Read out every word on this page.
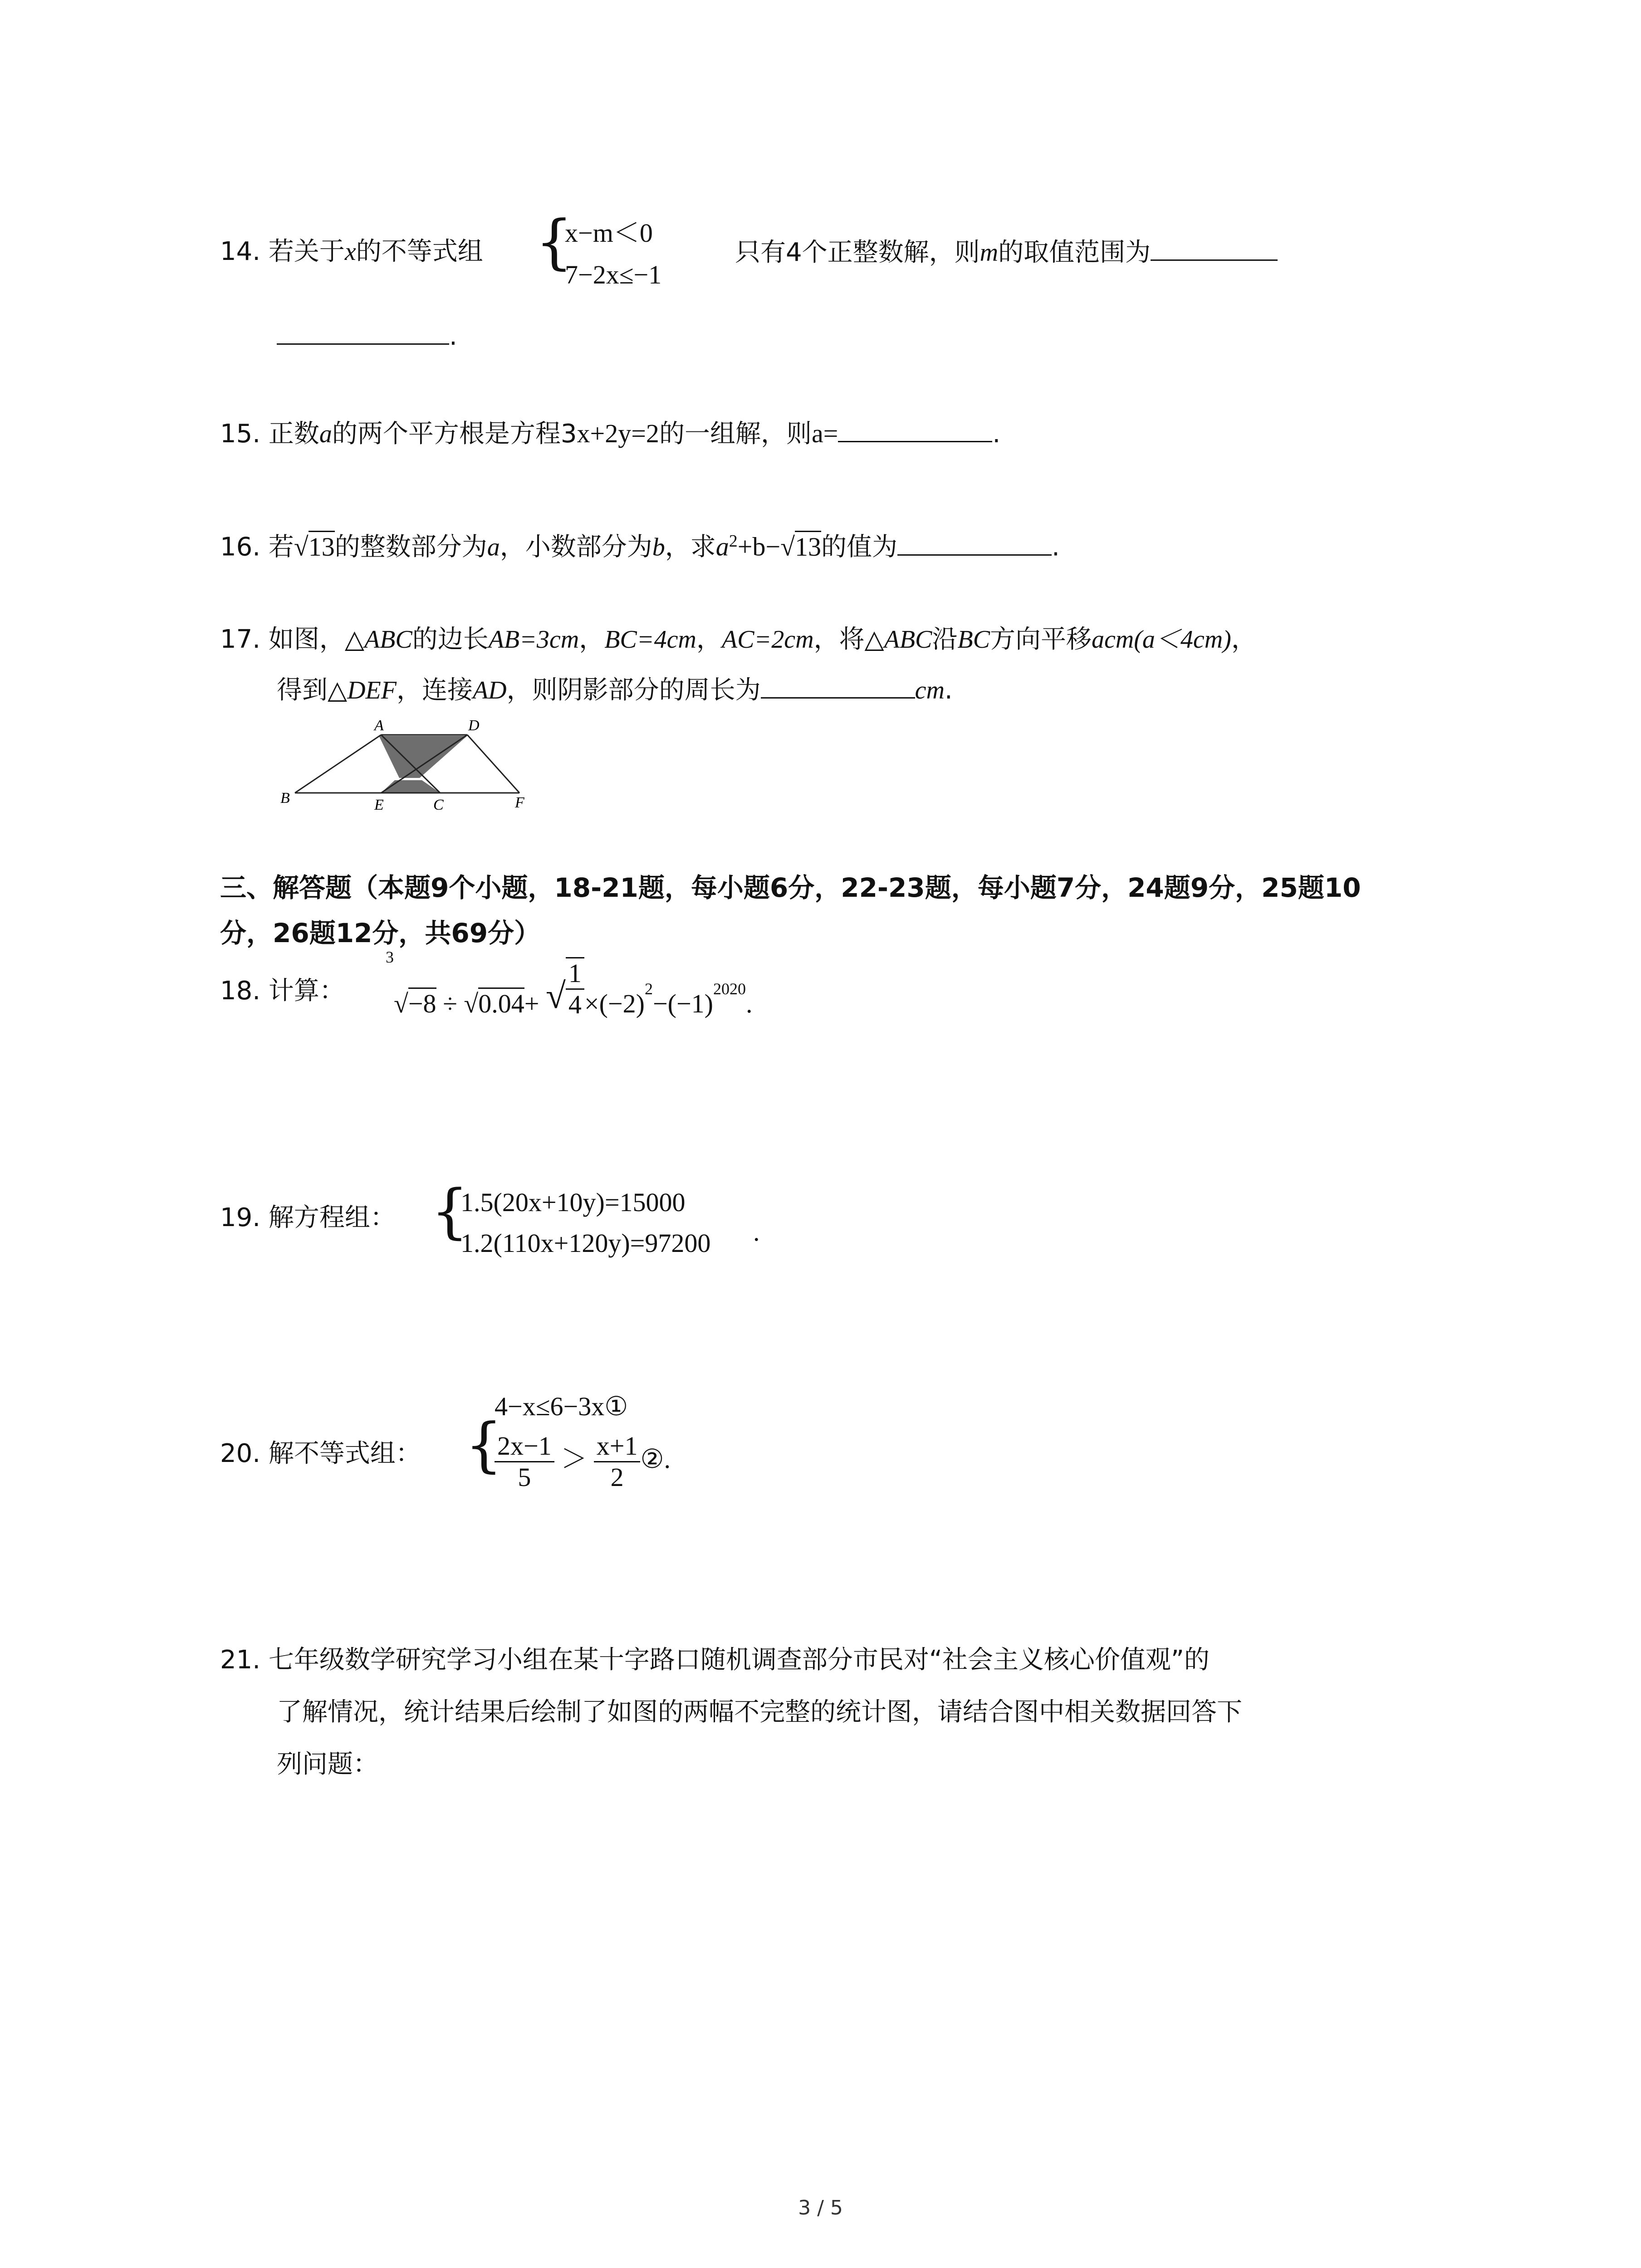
14. 若关于x的不等式组 {
x−m＜0
7−2x≤−1
只有4个正整数解，则m的取值范围为
.
15. 正数a的两个平方根是方程3x+2y=2的一组解，则a=	.
16. 若√13的整数部分为a，小数部分为b，求$a^2+b-√13$的值为	.
17. 如图，△ABC的边长AB=3cm，BC=4cm，AC=2cm，将△ABC沿BC方向平移acm(a＜4cm)，
得到△DEF，连接AD，则阴影部分的周长为	cm.
A	D
B	E	C	F
三、解答题（本题9个小题，18-21题，每小题6分，22-23题，每小题7分，24题9分，25题10
分，26题12分，共69分）
18. 计算：
$^3$√−8 ÷ √0.04+ √ $\frac{1}{4} \times(-2)^2-(-1)^{2020}$.
19. 解方程组： {
1.5(20x+10y)=15000
1.2(110x+120y)=97200 .
20. 解不等式组： {
4−x≤6−3x①
$\frac{2x-1}{5} > \frac{x+1}{2}$ ②.
21. 七年级数学研究学习小组在某十字路口随机调查部分市民对“社会主义核心价值观”的
了解情况，统计结果后绘制了如图的两幅不完整的统计图，请结合图中相关数据回答下
列问题：
3 / 5
